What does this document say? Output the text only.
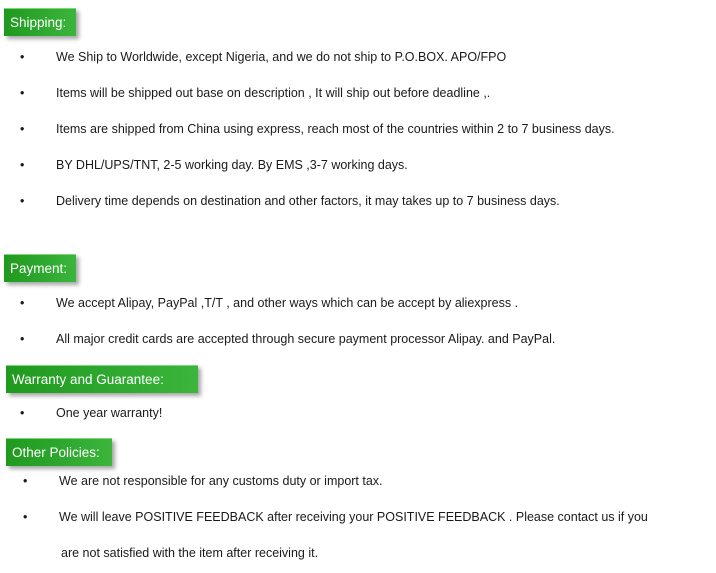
Shipping:
•	We Ship to Worldwide, except Nigeria, and we do not ship to P.O.BOX. APO/FPO
•	Items will be shipped out base on description , It will ship out before deadline ,.
•	Items are shipped from China using express, reach most of the countries within 2 to 7 business days.
•	BY DHL/UPS/TNT, 2-5 working day. By EMS ,3-7 working days.
•	Delivery time depends on destination and other factors, it may takes up to 7 business days.
Payment:
•	We accept Alipay, PayPal ,T/T , and other ways which can be accept by aliexpress .
•	All major credit cards are accepted through secure payment processor Alipay. and PayPal.
Warranty and Guarantee:
•	One year warranty!
Other Policies:
•	We are not responsible for any customs duty or import tax.
•	We will leave POSITIVE FEEDBACK after receiving your POSITIVE FEEDBACK . Please contact us if you
are not satisfied with the item after receiving it.
